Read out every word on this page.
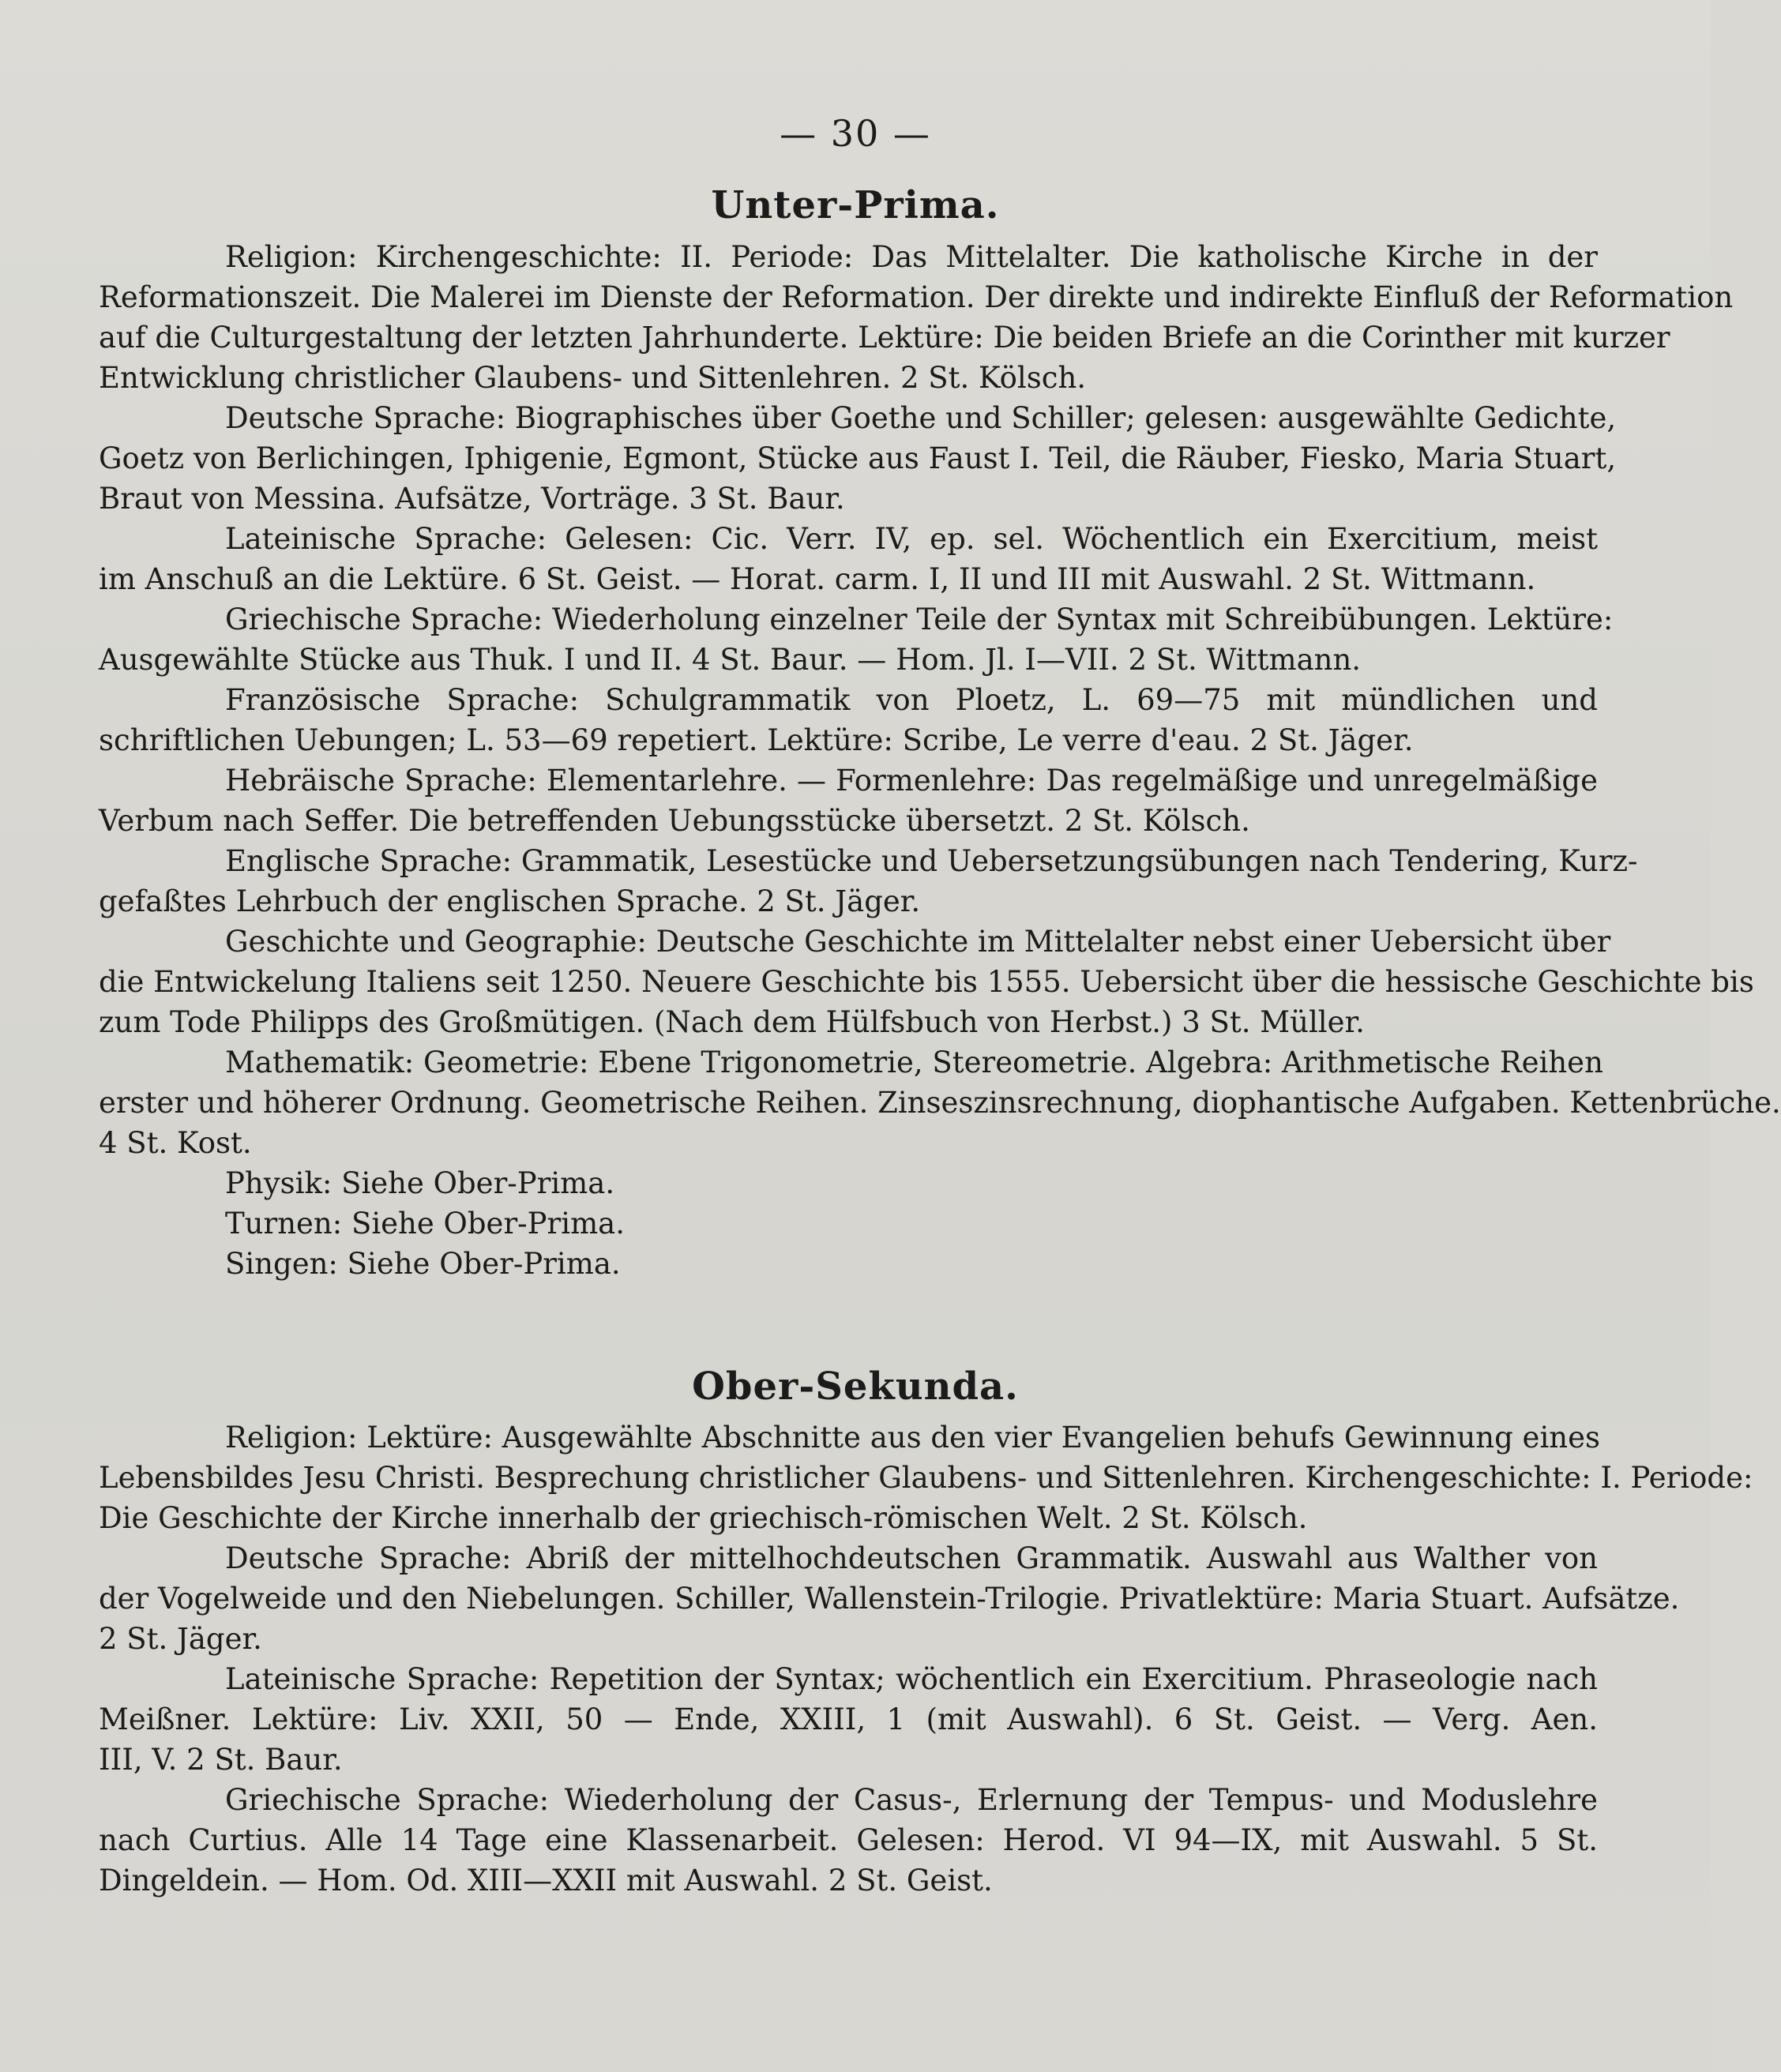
— 30 —
Unter-Prima.
Religion: Kirchengeschichte: II. Periode: Das Mittelalter. Die katholische Kirche in der
Reformationszeit. Die Malerei im Dienste der Reformation. Der direkte und indirekte Einfluß der Reformation
auf die Culturgestaltung der letzten Jahrhunderte. Lektüre: Die beiden Briefe an die Corinther mit kurzer
Entwicklung christlicher Glaubens- und Sittenlehren. 2 St. Kölsch.
Deutsche Sprache: Biographisches über Goethe und Schiller; gelesen: ausgewählte Gedichte,
Goetz von Berlichingen, Iphigenie, Egmont, Stücke aus Faust I. Teil, die Räuber, Fiesko, Maria Stuart,
Braut von Messina. Aufsätze, Vorträge. 3 St. Baur.
Lateinische Sprache: Gelesen: Cic. Verr. IV, ep. sel. Wöchentlich ein Exercitium, meist
im Anschuß an die Lektüre. 6 St. Geist. — Horat. carm. I, II und III mit Auswahl. 2 St. Wittmann.
Griechische Sprache: Wiederholung einzelner Teile der Syntax mit Schreibübungen. Lektüre:
Ausgewählte Stücke aus Thuk. I und II. 4 St. Baur. — Hom. Jl. I—VII. 2 St. Wittmann.
Französische Sprache: Schulgrammatik von Ploetz, L. 69—75 mit mündlichen und
schriftlichen Uebungen; L. 53—69 repetiert. Lektüre: Scribe, Le verre d'eau. 2 St. Jäger.
Hebräische Sprache: Elementarlehre. — Formenlehre: Das regelmäßige und unregelmäßige
Verbum nach Seffer. Die betreffenden Uebungsstücke übersetzt. 2 St. Kölsch.
Englische Sprache: Grammatik, Lesestücke und Uebersetzungsübungen nach Tendering, Kurz-
gefaßtes Lehrbuch der englischen Sprache. 2 St. Jäger.
Geschichte und Geographie: Deutsche Geschichte im Mittelalter nebst einer Uebersicht über
die Entwickelung Italiens seit 1250. Neuere Geschichte bis 1555. Uebersicht über die hessische Geschichte bis
zum Tode Philipps des Großmütigen. (Nach dem Hülfsbuch von Herbst.) 3 St. Müller.
Mathematik: Geometrie: Ebene Trigonometrie, Stereometrie. Algebra: Arithmetische Reihen
erster und höherer Ordnung. Geometrische Reihen. Zinseszinsrechnung, diophantische Aufgaben. Kettenbrüche.
4 St. Kost.
Physik: Siehe Ober-Prima.
Turnen: Siehe Ober-Prima.
Singen: Siehe Ober-Prima.
Ober-Sekunda.
Religion: Lektüre: Ausgewählte Abschnitte aus den vier Evangelien behufs Gewinnung eines
Lebensbildes Jesu Christi. Besprechung christlicher Glaubens- und Sittenlehren. Kirchengeschichte: I. Periode:
Die Geschichte der Kirche innerhalb der griechisch-römischen Welt. 2 St. Kölsch.
Deutsche Sprache: Abriß der mittelhochdeutschen Grammatik. Auswahl aus Walther von
der Vogelweide und den Niebelungen. Schiller, Wallenstein-Trilogie. Privatlektüre: Maria Stuart. Aufsätze.
2 St. Jäger.
Lateinische Sprache: Repetition der Syntax; wöchentlich ein Exercitium. Phraseologie nach
Meißner. Lektüre: Liv. XXII, 50 — Ende, XXIII, 1 (mit Auswahl). 6 St. Geist. — Verg. Aen.
III, V. 2 St. Baur.
Griechische Sprache: Wiederholung der Casus-, Erlernung der Tempus- und Moduslehre
nach Curtius. Alle 14 Tage eine Klassenarbeit. Gelesen: Herod. VI 94—IX, mit Auswahl. 5 St.
Dingeldein. — Hom. Od. XIII—XXII mit Auswahl. 2 St. Geist.
